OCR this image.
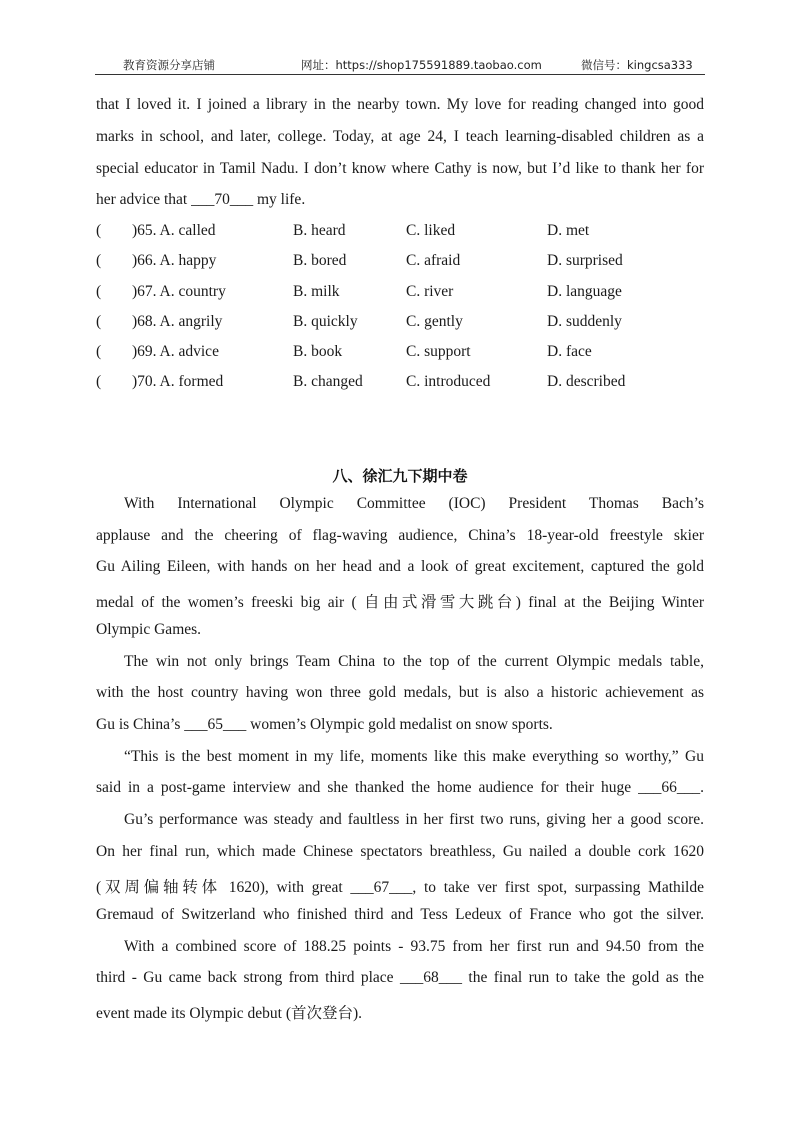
教育资源分享店铺	网址：https://shop175591889.taobao.com	微信号：kingcsa333
that I loved it. I joined a library in the nearby town. My love for reading changed into good
marks in school, and later, college. Today, at age 24, I teach learning-disabled children as a
special educator in Tamil Nadu. I don’t know where Cathy is now, but I’d like to thank her for
her advice that ___70___ my life.
( )65. A. called	B. heard	C. liked	D. met
( )66. A. happy	B. bored	C. afraid	D. surprised
( )67. A. country	B. milk	C. river	D. language
( )68. A. angrily	B. quickly	C. gently	D. suddenly
( )69. A. advice	B. book	C. support	D. face
( )70. A. formed	B. changed	C. introduced	D. described
八、徐汇九下期中卷
With International Olympic Committee (IOC) President Thomas Bach’s
applause and the cheering of flag-waving audience, China’s 18-year-old freestyle skier
Gu Ailing Eileen, with hands on her head and a look of great excitement, captured the gold
medal of the women’s freeski big air ( 自由式滑雪大跳台) final at the Beijing Winter
Olympic Games.
The win not only brings Team China to the top of the current Olympic medals table,
with the host country having won three gold medals, but is also a historic achievement as
Gu is China’s ___65___ women’s Olympic gold medalist on snow sports.
“This is the best moment in my life, moments like this make everything so worthy,” Gu
said in a post-game interview and she thanked the home audience for their huge ___66___.
Gu’s performance was steady and faultless in her first two runs, giving her a good score.
On her final run, which made Chinese spectators breathless, Gu nailed a double cork 1620
(双周偏轴转体 1620), with great ___67___, to take ver first spot, surpassing Mathilde
Gremaud of Switzerland who finished third and Tess Ledeux of France who got the silver.
With a combined score of 188.25 points - 93.75 from her first run and 94.50 from the
third - Gu came back strong from third place ___68___ the final run to take the gold as the
event made its Olympic debut (首次登台).
